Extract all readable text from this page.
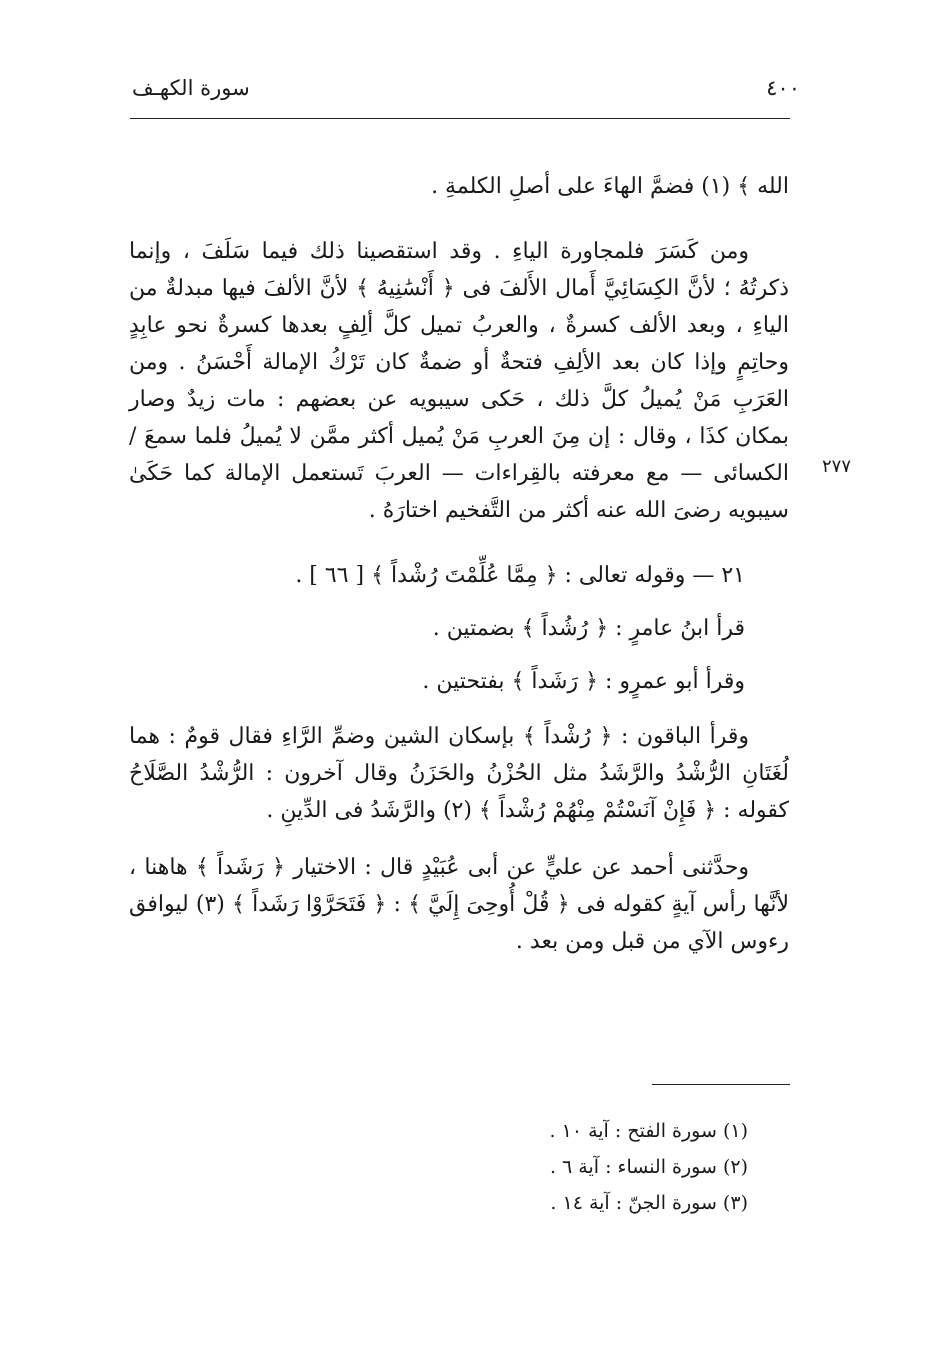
سورة الكهـف	٤٠٠
٢٧٧

الله ﴾ (١) فضمَّ الهاءَ على أصلِ الكلمةِ .

ومن كَسَرَ فلمجاورة الياءِ . وقد استقصينا ذلك فيما سَلَفَ ، وإنما ذكرتُهُ ؛ لأنَّ الكِسَائِيَّ أَمال الأَلفَ فى ﴿ أَنْسَٰنِيهُ ﴾ لأنَّ الألفَ فيها مبدلةٌ من الياءِ ، وبعد الألف كسرةٌ ، والعربُ تميل كلَّ ألِفٍ بعدها كسرةٌ نحو عابِدٍ وحاتِمٍ وإذا كان بعد الألِفِ فتحةٌ أو ضمةٌ كان تَرْكُ الإمالة أَحْسَنُ . ومن العَرَبِ مَنْ يُميلُ كلَّ ذلك ، حَكى سيبويه عن بعضهم : مات زيدٌ وصار بمكان كذَا ، وقال : إن مِنَ العربِ مَنْ يُميل أكثر ممَّن لا يُميلُ فلما سمعَ / الكسائى — مع معرفته بالقِراءات — العربَ تَستعمل الإمالة كما حَكَىٰ سيبويه رضىَ الله عنه أكثر من التَّفخيم اختارَهُ .

٢١ — وقوله تعالى : ﴿ مِمَّا عُلِّمْتَ رُشْداً ﴾ [ ٦٦ ] .

قرأ ابنُ عامرٍ : ﴿ رُشُداً ﴾ بضمتين .

وقرأ أبو عمرٍو : ﴿ رَشَداً ﴾ بفتحتين .

وقرأ الباقون : ﴿ رُشْداً ﴾ بإسكان الشين وضمِّ الرَّاءِ فقال قومٌ : هما لُغَتَانِ الرُّشْدُ والرَّشَدُ مثل الحُزْنُ والحَزَنُ وقال آخرون : الرُّشْدُ الصَّلَاحُ كقوله : ﴿ فَإِنْ آنَسْتُمْ مِنْهُمْ رُشْداً ﴾ (٢) والرَّشَدُ فى الدِّينِ .

وحدَّثنى أحمد عن عليٍّ عن أبى عُبَيْدٍ قال : الاختيار ﴿ رَشَداً ﴾ هاهنا ، لأنَّها رأس آيةٍ كقوله فى ﴿ قُلْ أُوحِىَ إِلَيَّ ﴾ : ﴿ فَتَحَرَّوْا رَشَداً ﴾ (٣) ليوافق رءوس الآي من قبل ومن بعد .

(١) سورة الفتح : آية ١٠ .
(٢) سورة النساء : آية ٦ .
(٣) سورة الجنّ : آية ١٤ .
